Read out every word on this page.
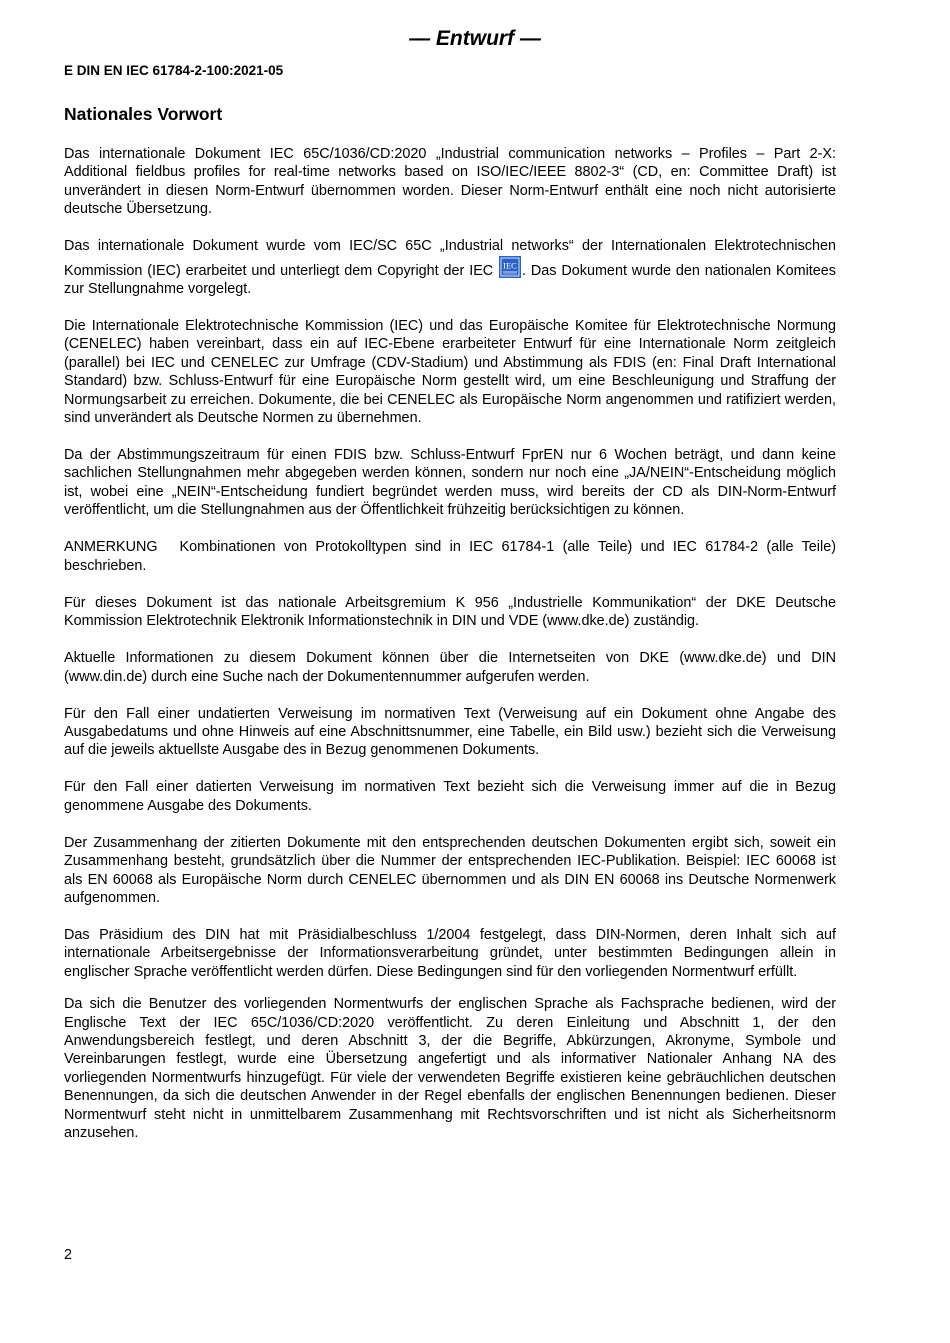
— Entwurf —
E DIN EN IEC 61784-2-100:2021-05
Nationales Vorwort

Das internationale Dokument IEC 65C/1036/CD:2020 „Industrial communication networks – Profiles – Part 2-X: Additional fieldbus profiles for real-time networks based on ISO/IEC/IEEE 8802-3“ (CD, en: Committee Draft) ist unverändert in diesen Norm-Entwurf übernommen worden. Dieser Norm-Entwurf enthält eine noch nicht autorisierte deutsche Übersetzung.

Das internationale Dokument wurde vom IEC/SC 65C „Industrial networks“ der Internationalen Elektrotechnischen Kommission (IEC) erarbeitet und unterliegt dem Copyright der IEC IEC . Das Dokument wurde den nationalen Komitees zur Stellungnahme vorgelegt.

Die Internationale Elektrotechnische Kommission (IEC) und das Europäische Komitee für Elektrotechnische Normung (CENELEC) haben vereinbart, dass ein auf IEC-Ebene erarbeiteter Entwurf für eine Internationale Norm zeitgleich (parallel) bei IEC und CENELEC zur Umfrage (CDV-Stadium) und Abstimmung als FDIS (en: Final Draft International Standard) bzw. Schluss-Entwurf für eine Europäische Norm gestellt wird, um eine Beschleunigung und Straffung der Normungsarbeit zu erreichen. Dokumente, die bei CENELEC als Europäische Norm angenommen und ratifiziert werden, sind unverändert als Deutsche Normen zu übernehmen.

Da der Abstimmungszeitraum für einen FDIS bzw. Schluss-Entwurf FprEN nur 6 Wochen beträgt, und dann keine sachlichen Stellungnahmen mehr abgegeben werden können, sondern nur noch eine „JA/NEIN“-Entscheidung möglich ist, wobei eine „NEIN“-Entscheidung fundiert begründet werden muss, wird bereits der CD als DIN-Norm-Entwurf veröffentlicht, um die Stellungnahmen aus der Öffentlichkeit frühzeitig berücksichtigen zu können.

ANMERKUNG Kombinationen von Protokolltypen sind in IEC 61784-1 (alle Teile) und IEC 61784-2 (alle Teile) beschrieben.

Für dieses Dokument ist das nationale Arbeitsgremium K 956 „Industrielle Kommunikation“ der DKE Deutsche Kommission Elektrotechnik Elektronik Informationstechnik in DIN und VDE (www.dke.de) zuständig.

Aktuelle Informationen zu diesem Dokument können über die Internetseiten von DKE (www.dke.de) und DIN (www.din.de) durch eine Suche nach der Dokumentennummer aufgerufen werden.

Für den Fall einer undatierten Verweisung im normativen Text (Verweisung auf ein Dokument ohne Angabe des Ausgabedatums und ohne Hinweis auf eine Abschnittsnummer, eine Tabelle, ein Bild usw.) bezieht sich die Verweisung auf die jeweils aktuellste Ausgabe des in Bezug genommenen Dokuments.

Für den Fall einer datierten Verweisung im normativen Text bezieht sich die Verweisung immer auf die in Bezug genommene Ausgabe des Dokuments.

Der Zusammenhang der zitierten Dokumente mit den entsprechenden deutschen Dokumenten ergibt sich, soweit ein Zusammenhang besteht, grundsätzlich über die Nummer der entsprechenden IEC-Publikation. Beispiel: IEC 60068 ist als EN 60068 als Europäische Norm durch CENELEC übernommen und als DIN EN 60068 ins Deutsche Normenwerk aufgenommen.

Das Präsidium des DIN hat mit Präsidialbeschluss 1/2004 festgelegt, dass DIN-Normen, deren Inhalt sich auf internationale Arbeitsergebnisse der Informationsverarbeitung gründet, unter bestimmten Bedingungen allein in englischer Sprache veröffentlicht werden dürfen. Diese Bedingungen sind für den vorliegenden Normentwurf erfüllt.

Da sich die Benutzer des vorliegenden Normentwurfs der englischen Sprache als Fachsprache bedienen, wird der Englische Text der IEC 65C/1036/CD:2020 veröffentlicht. Zu deren Einleitung und Abschnitt 1, der den Anwendungsbereich festlegt, und deren Abschnitt 3, der die Begriffe, Abkürzungen, Akronyme, Symbole und Vereinbarungen festlegt, wurde eine Übersetzung angefertigt und als informativer Nationaler Anhang NA des vorliegenden Normentwurfs hinzugefügt. Für viele der verwendeten Begriffe existieren keine gebräuchlichen deutschen Benennungen, da sich die deutschen Anwender in der Regel ebenfalls der englischen Benennungen bedienen. Dieser Normentwurf steht nicht in unmittelbarem Zusammenhang mit Rechtsvorschriften und ist nicht als Sicherheitsnorm anzusehen.

2
